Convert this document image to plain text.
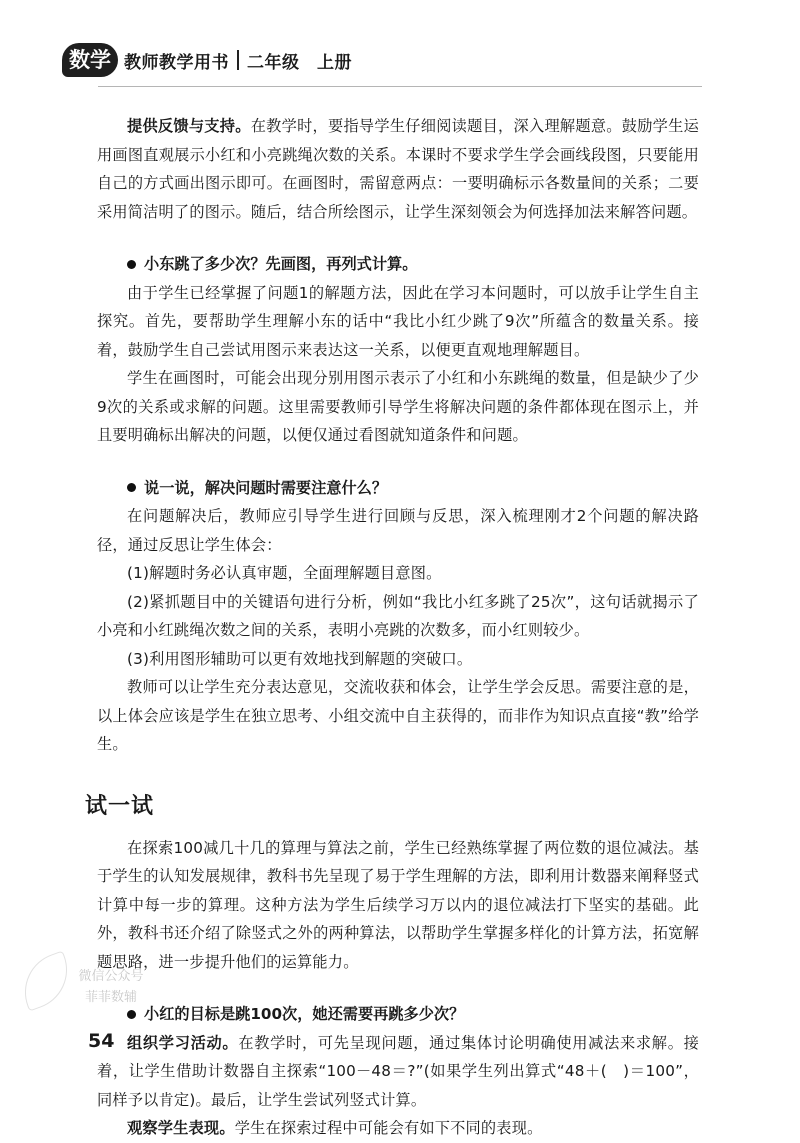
数学 教师教学用书 二年级　上册

提供反馈与支持。在教学时，要指导学生仔细阅读题目，深入理解题意。鼓励学生运用画图直观展示小红和小亮跳绳次数的关系。本课时不要求学生学会画线段图，只要能用自己的方式画出图示即可。在画图时，需留意两点：一要明确标示各数量间的关系；二要采用简洁明了的图示。随后，结合所绘图示，让学生深刻领会为何选择加法来解答问题。

小东跳了多少次？先画图，再列式计算。

由于学生已经掌握了问题1的解题方法，因此在学习本问题时，可以放手让学生自主探究。首先，要帮助学生理解小东的话中“我比小红少跳了9次”所蕴含的数量关系。接着，鼓励学生自己尝试用图示来表达这一关系，以便更直观地理解题目。

学生在画图时，可能会出现分别用图示表示了小红和小东跳绳的数量，但是缺少了少9次的关系或求解的问题。这里需要教师引导学生将解决问题的条件都体现在图示上，并且要明确标出解决的问题，以便仅通过看图就知道条件和问题。

说一说，解决问题时需要注意什么？

在问题解决后，教师应引导学生进行回顾与反思，深入梳理刚才2个问题的解决路径，通过反思让学生体会：

(1)解题时务必认真审题，全面理解题目意图。

(2)紧抓题目中的关键语句进行分析，例如“我比小红多跳了25次”，这句话就揭示了小亮和小红跳绳次数之间的关系，表明小亮跳的次数多，而小红则较少。

(3)利用图形辅助可以更有效地找到解题的突破口。

教师可以让学生充分表达意见，交流收获和体会，让学生学会反思。需要注意的是，以上体会应该是学生在独立思考、小组交流中自主获得的，而非作为知识点直接“教”给学生。

试一试

在探索100减几十几的算理与算法之前，学生已经熟练掌握了两位数的退位减法。基于学生的认知发展规律，教科书先呈现了易于学生理解的方法，即利用计数器来阐释竖式计算中每一步的算理。这种方法为学生后续学习万以内的退位减法打下坚实的基础。此外，教科书还介绍了除竖式之外的两种算法，以帮助学生掌握多样化的计算方法，拓宽解题思路，进一步提升他们的运算能力。

小红的目标是跳100次，她还需要再跳多少次？

组织学习活动。在教学时，可先呈现问题，通过集体讨论明确使用减法来求解。接着，让学生借助计数器自主探索“100－48＝?”(如果学生列出算式“48＋(　)＝100”，同样予以肯定)。最后，让学生尝试列竖式计算。

观察学生表现。学生在探索过程中可能会有如下不同的表现。

微信公众号
菲菲数辅
54
